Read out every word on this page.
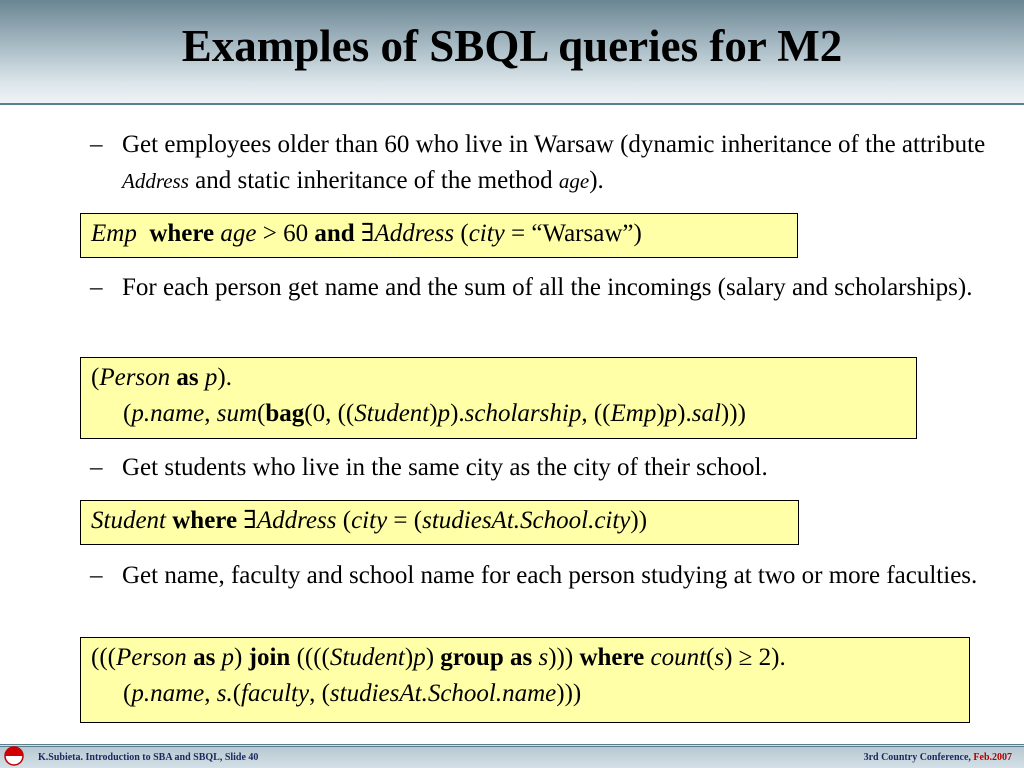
Examples of SBQL queries for M2
– Get employees older than 60 who live in Warsaw (dynamic inheritance of the attribute Address and static inheritance of the method age).
Emp where age > 60 and ∃Address (city = “Warsaw”)
– For each person get name and the sum of all the incomings (salary and scholarships).
(Person as p).
(p.name, sum(bag(0, ((Student)p).scholarship, ((Emp)p).sal)))
– Get students who live in the same city as the city of their school.
Student where ∃Address (city = (studiesAt.School.city))
– Get name, faculty and school name for each person studying at two or more faculties.
(((Person as p) join ((((Student)p) group as s))) where count(s) ≥ 2).
(p.name, s.(faculty, (studiesAt.School.name)))
K.Subieta. Introduction to SBA and SBQL, Slide 40	3rd Country Conference, Feb.2007
